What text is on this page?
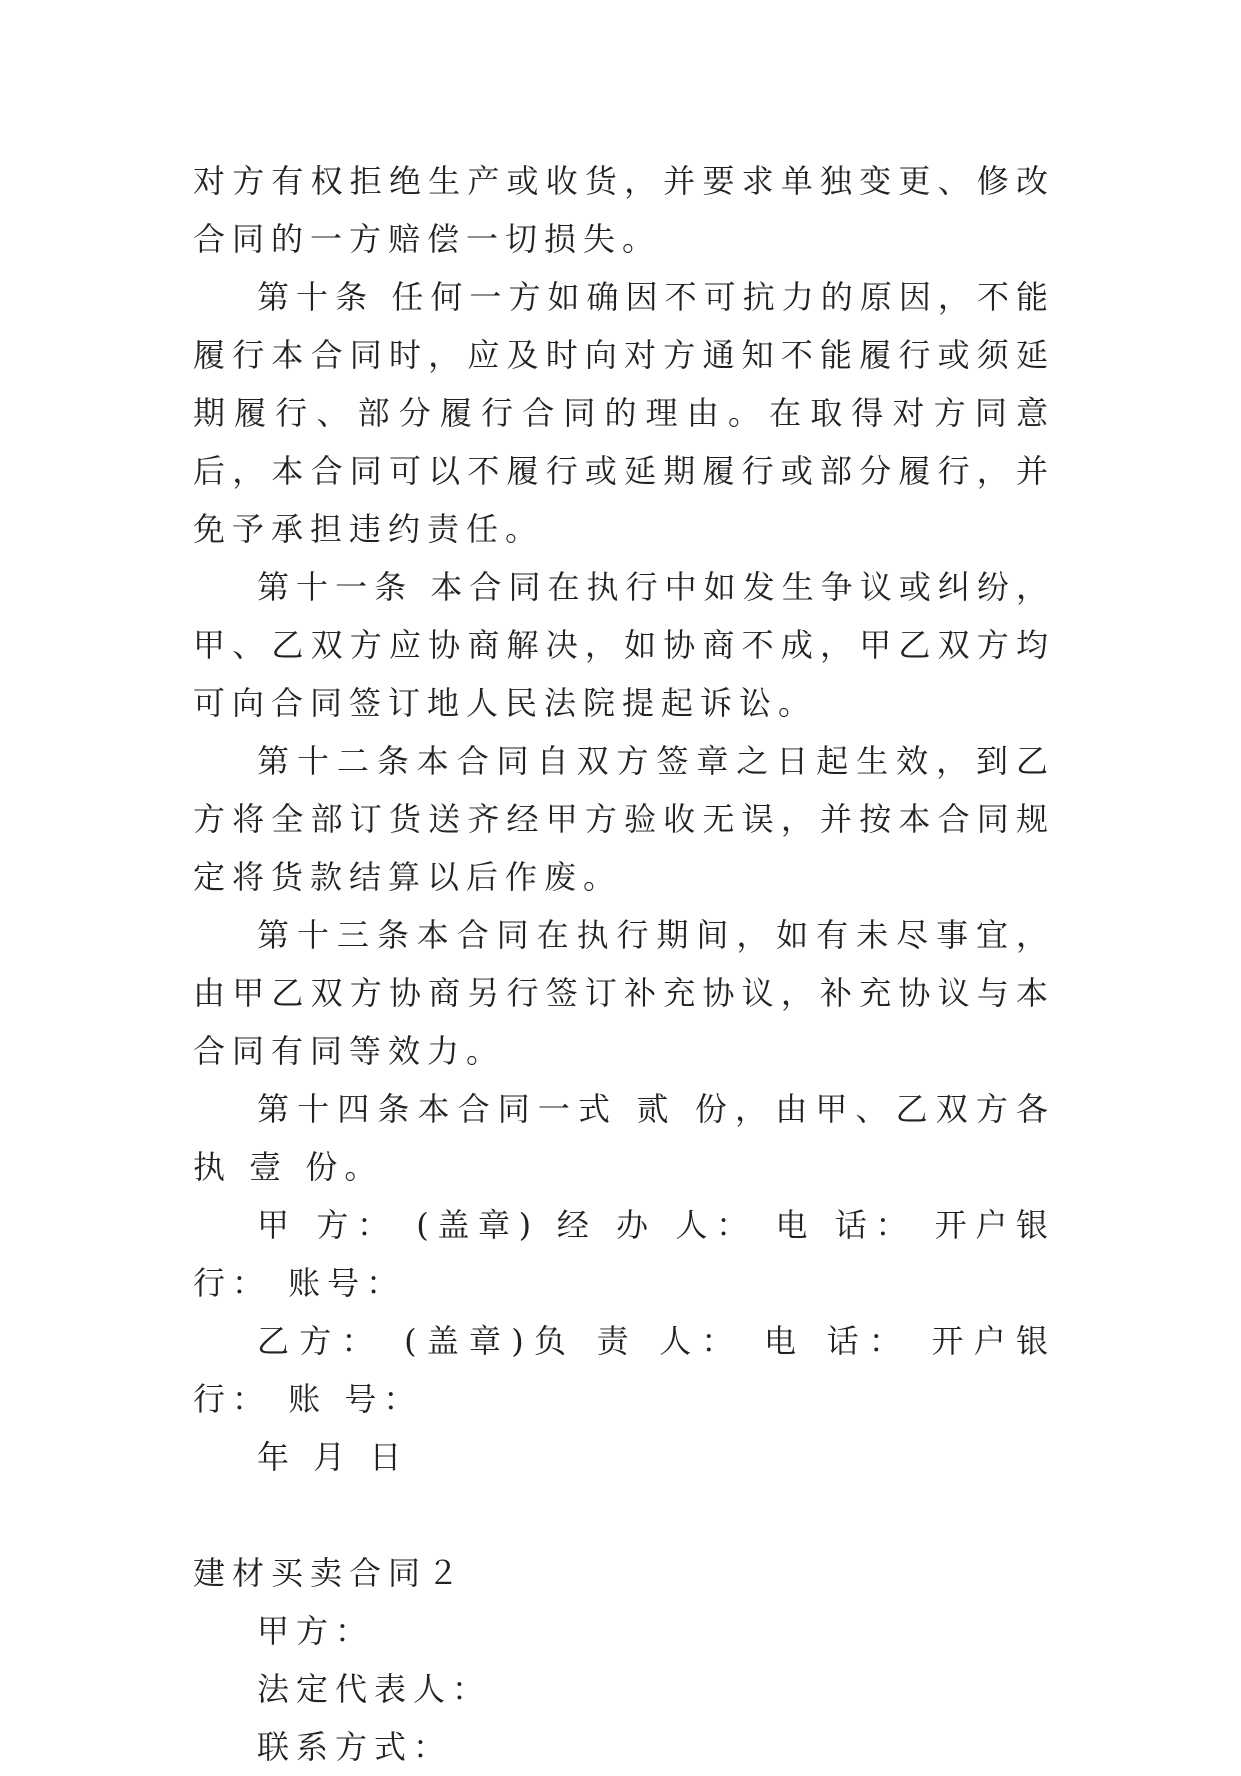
对方有权拒绝生产或收货，并要求单独变更、修改合同的一方赔偿一切损失。

第十条 任何一方如确因不可抗力的原因，不能履行本合同时，应及时向对方通知不能履行或须延期履行、部分履行合同的理由。在取得对方同意后，本合同可以不履行或延期履行或部分履行，并免予承担违约责任。

第十一条 本合同在执行中如发生争议或纠纷，甲、乙双方应协商解决，如协商不成，甲乙双方均可向合同签订地人民法院提起诉讼。

第十二条本合同自双方签章之日起生效，到乙方将全部订货送齐经甲方验收无误，并按本合同规定将货款结算以后作废。

第十三条本合同在执行期间，如有未尽事宜，由甲乙双方协商另行签订补充协议，补充协议与本合同有同等效力。

第十四条本合同一式 贰 份，由甲、乙双方各执 壹 份。

甲 方： (盖章) 经 办 人： 电 话： 开户银行： 账号：

乙方： (盖章)负 责 人： 电 话： 开户银行： 账 号：

年 月 日

建材买卖合同２

甲方：

法定代表人：

联系方式：
